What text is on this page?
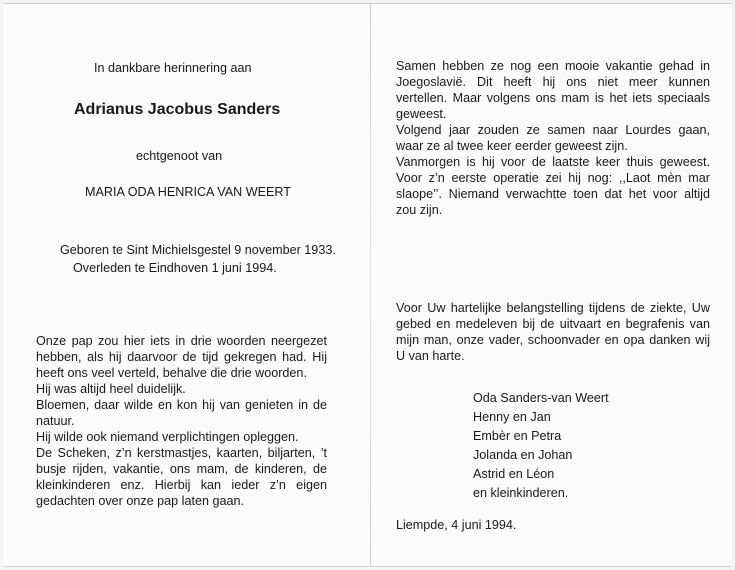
In dankbare herinnering aan
Adrianus Jacobus Sanders
echtgenoot van
MARIA ODA HENRICA VAN WEERT
Geboren te Sint Michielsgestel 9 november 1933.
Overleden te Eindhoven 1 juni 1994.

Onze pap zou hier iets in drie woorden neergezet hebben, als hij daarvoor de tijd gekregen had. Hij heeft ons veel verteld, behalve die drie woorden.

Hij was altijd heel duidelijk.

Bloemen, daar wilde en kon hij van genieten in de natuur.

Hij wilde ook niemand verplichtingen opleggen.

De Scheken, z’n kerstmastjes, kaarten, biljarten, ’t busje rijden, vakantie, ons mam, de kinderen, de kleinkinderen enz. Hierbij kan ieder z’n eigen gedachten over onze pap laten gaan.

Samen hebben ze nog een mooie vakantie gehad in Joegoslavië. Dit heeft hij ons niet meer kunnen vertellen. Maar volgens ons mam is het iets speciaals geweest.

Volgend jaar zouden ze samen naar Lourdes gaan, waar ze al twee keer eerder geweest zijn.

Vanmorgen is hij voor de laatste keer thuis geweest. Voor z’n eerste operatie zei hij nog: ,,Laot mèn mar slaope’’. Niemand verwachtte toen dat het voor altijd zou zijn.

Voor Uw hartelijke belangstelling tijdens de ziekte, Uw gebed en medeleven bij de uitvaart en begrafenis van mijn man, onze vader, schoonvader en opa danken wij U van harte.

Oda Sanders-van Weert

Henny en Jan

Embèr en Petra

Jolanda en Johan

Astrid en Léon

en kleinkinderen.

Liempde, 4 juni 1994.
